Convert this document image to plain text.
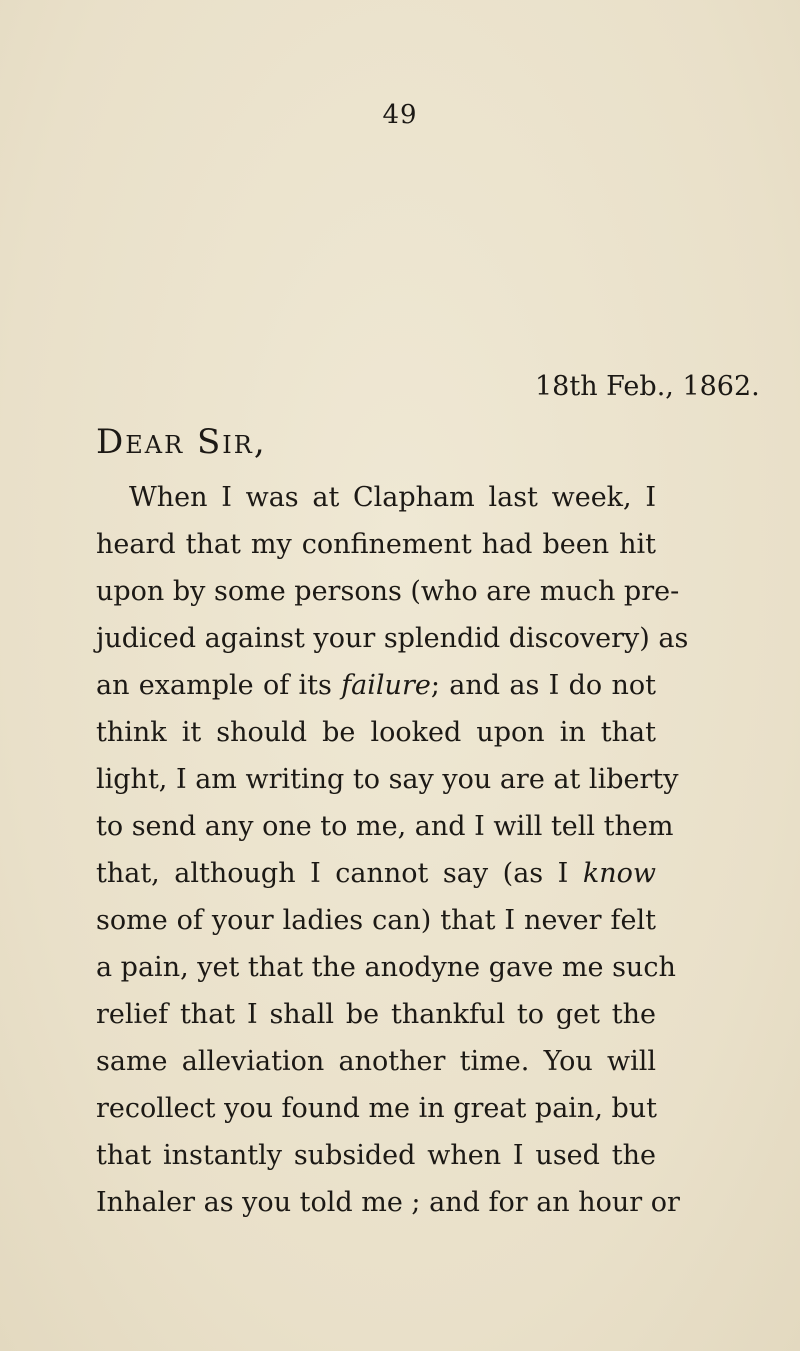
49
18th Feb., 1862.
Dear Sir,
When I was at Clapham last week, I
heard that my confinement had been hit
upon by some persons (who are much pre-
judiced against your splendid discovery) as
an example of its failure; and as I do not
think it should be looked upon in that
light, I am writing to say you are at liberty
to send any one to me, and I will tell them
that, although I cannot say (as I know
some of your ladies can) that I never felt
a pain, yet that the anodyne gave me such
relief that I shall be thankful to get the
same alleviation another time. You will
recollect you found me in great pain, but
that instantly subsided when I used the
Inhaler as you told me ; and for an hour or
